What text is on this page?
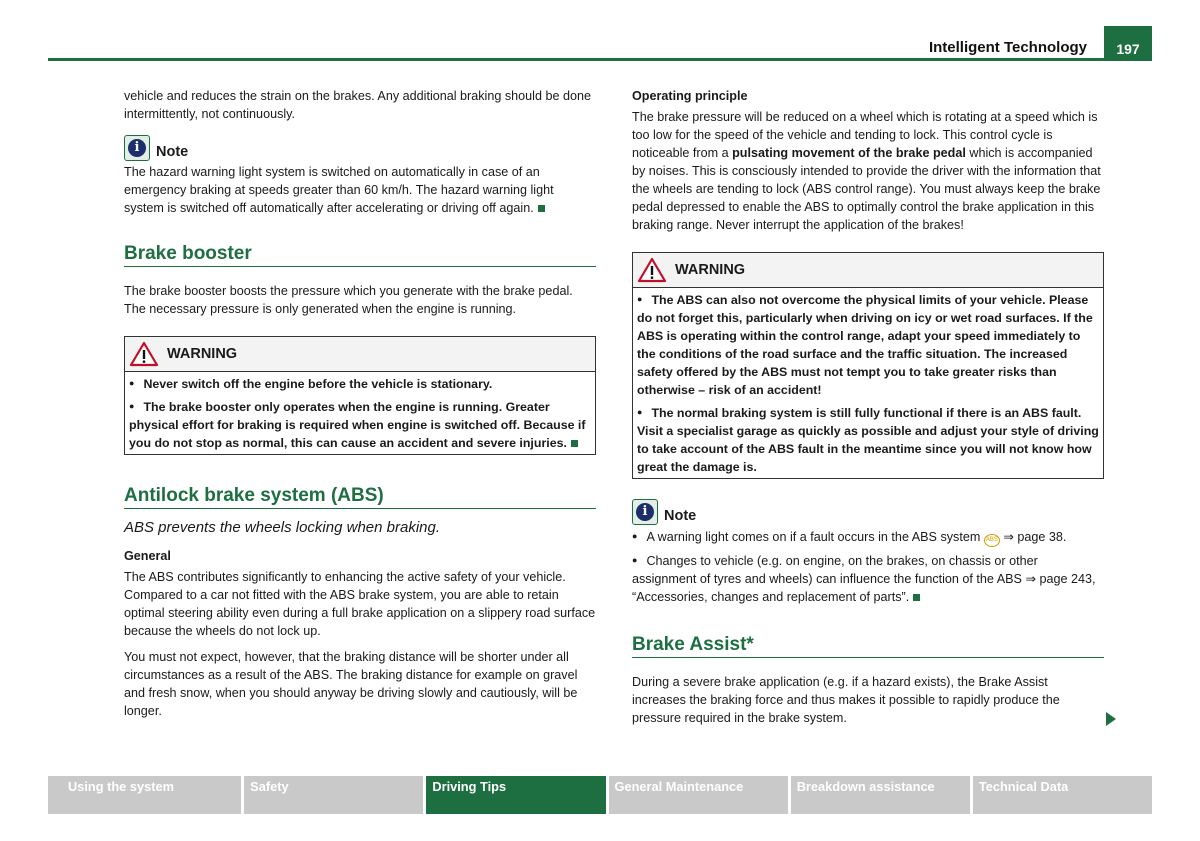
Intelligent Technology	197

vehicle and reduces the strain on the brakes. Any additional braking should be done intermittently, not continuously.

i	Note

The hazard warning light system is switched on automatically in case of an emergency braking at speeds greater than 60 km/h. The hazard warning light system is switched off automatically after accelerating or driving off again.

Brake booster

The brake booster boosts the pressure which you generate with the brake pedal. The necessary pressure is only generated when the engine is running.

WARNING

● Never switch off the engine before the vehicle is stationary.

● The brake booster only operates when the engine is running. Greater physical effort for braking is required when engine is switched off. Because if you do not stop as normal, this can cause an accident and severe injuries.

Antilock brake system (ABS)

ABS prevents the wheels locking when braking.

General

The ABS contributes significantly to enhancing the active safety of your vehicle. Compared to a car not fitted with the ABS brake system, you are able to retain optimal steering ability even during a full brake application on a slippery road surface because the wheels do not lock up.

You must not expect, however, that the braking distance will be shorter under all circumstances as a result of the ABS. The braking distance for example on gravel and fresh snow, when you should anyway be driving slowly and cautiously, will be longer.

Operating principle

The brake pressure will be reduced on a wheel which is rotating at a speed which is too low for the speed of the vehicle and tending to lock. This control cycle is noticeable from a pulsating movement of the brake pedal which is accompanied by noises. This is consciously intended to provide the driver with the information that the wheels are tending to lock (ABS control range). You must always keep the brake pedal depressed to enable the ABS to optimally control the brake application in this braking range. Never interrupt the application of the brakes!

WARNING

● The ABS can also not overcome the physical limits of your vehicle. Please do not forget this, particularly when driving on icy or wet road surfaces. If the ABS is operating within the control range, adapt your speed immediately to the conditions of the road surface and the traffic situation. The increased safety offered by the ABS must not tempt you to take greater risks than otherwise – risk of an accident!

● The normal braking system is still fully functional if there is an ABS fault. Visit a specialist garage as quickly as possible and adjust your style of driving to take account of the ABS fault in the meantime since you will not know how great the damage is.

i	Note

● A warning light comes on if a fault occurs in the ABS system ABS ⇒ page 38.

● Changes to vehicle (e.g. on engine, on the brakes, on chassis or other assignment of tyres and wheels) can influence the function of the ABS ⇒ page 243, “Accessories, changes and replacement of parts”.

Brake Assist*

During a severe brake application (e.g. if a hazard exists), the Brake Assist increases the braking force and thus makes it possible to rapidly produce the pressure required in the brake system.

Using the system	Safety	Driving Tips	General Maintenance	Breakdown assistance	Technical Data
